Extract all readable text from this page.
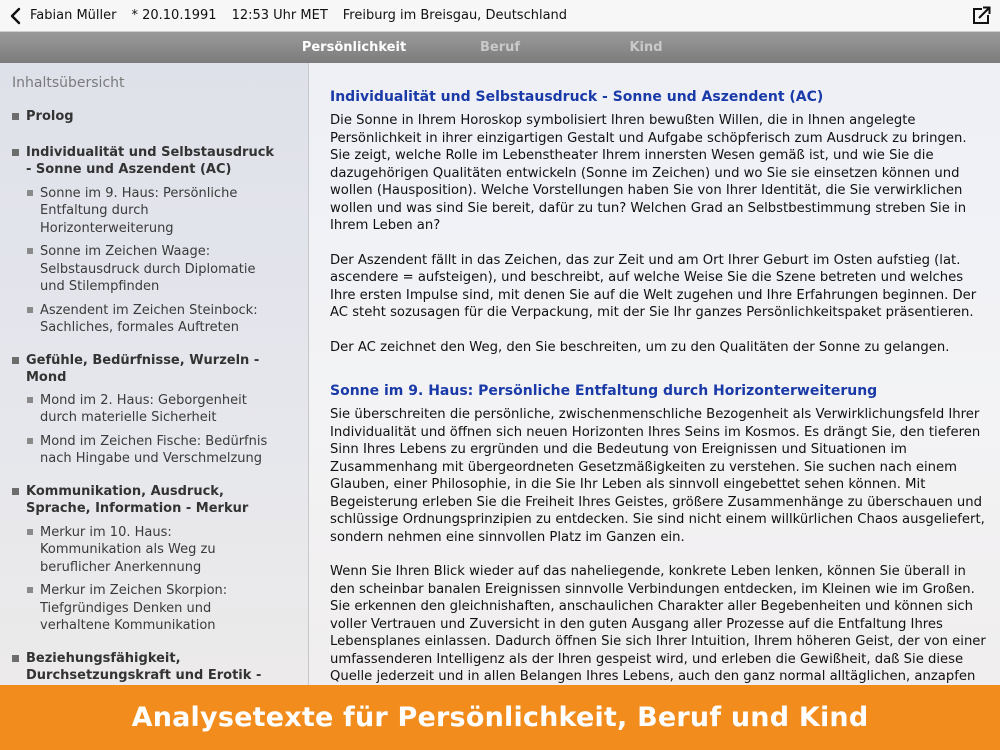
Fabian Müller * 20.10.1991 12:53 Uhr MET Freiburg im Breisgau, Deutschland
Persönlichkeit	Beruf	Kind
Inhaltsübersicht
Prolog
Individualität und Selbstausdruck - Sonne und Aszendent (AC)
Sonne im 9. Haus: Persönliche Entfaltung durch Horizonterweiterung
Sonne im Zeichen Waage: Selbstausdruck durch Diplomatie und Stilempfinden
Aszendent im Zeichen Steinbock: Sachliches, formales Auftreten
Gefühle, Bedürfnisse, Wurzeln - Mond
Mond im 2. Haus: Geborgenheit durch materielle Sicherheit
Mond im Zeichen Fische: Bedürfnis nach Hingabe und Verschmelzung
Kommunikation, Ausdruck, Sprache, Information - Merkur
Merkur im 10. Haus: Kommunikation als Weg zu beruflicher Anerkennung
Merkur im Zeichen Skorpion: Tiefgründiges Denken und verhaltene Kommunikation
Beziehungsfähigkeit, Durchsetzungskraft und Erotik -
Individualität und Selbstausdruck - Sonne und Aszendent (AC)

Die Sonne in Ihrem Horoskop symbolisiert Ihren bewußten Willen, die in Ihnen angelegte Persönlichkeit in ihrer einzigartigen Gestalt und Aufgabe schöpferisch zum Ausdruck zu bringen. Sie zeigt, welche Rolle im Lebenstheater Ihrem innersten Wesen gemäß ist, und wie Sie die dazugehörigen Qualitäten entwickeln (Sonne im Zeichen) und wo Sie sie einsetzen können und wollen (Hausposition). Welche Vorstellungen haben Sie von Ihrer Identität, die Sie verwirklichen wollen und was sind Sie bereit, dafür zu tun? Welchen Grad an Selbstbestimmung streben Sie in Ihrem Leben an?

Der Aszendent fällt in das Zeichen, das zur Zeit und am Ort Ihrer Geburt im Osten aufstieg (lat. ascendere = aufsteigen), und beschreibt, auf welche Weise Sie die Szene betreten und welches Ihre ersten Impulse sind, mit denen Sie auf die Welt zugehen und Ihre Erfahrungen beginnen. Der AC steht sozusagen für die Verpackung, mit der Sie Ihr ganzes Persönlichkeitspaket präsentieren.

Der AC zeichnet den Weg, den Sie beschreiten, um zu den Qualitäten der Sonne zu gelangen.

Sonne im 9. Haus: Persönliche Entfaltung durch Horizonterweiterung

Sie überschreiten die persönliche, zwischenmenschliche Bezogenheit als Verwirklichungsfeld Ihrer Individualität und öffnen sich neuen Horizonten Ihres Seins im Kosmos. Es drängt Sie, den tieferen Sinn Ihres Lebens zu ergründen und die Bedeutung von Ereignissen und Situationen im Zusammenhang mit übergeordneten Gesetzmäßigkeiten zu verstehen. Sie suchen nach einem Glauben, einer Philosophie, in die Sie Ihr Leben als sinnvoll eingebettet sehen können. Mit Begeisterung erleben Sie die Freiheit Ihres Geistes, größere Zusammenhänge zu überschauen und schlüssige Ordnungsprinzipien zu entdecken. Sie sind nicht einem willkürlichen Chaos ausgeliefert, sondern nehmen eine sinnvollen Platz im Ganzen ein.

Wenn Sie Ihren Blick wieder auf das naheliegende, konkrete Leben lenken, können Sie überall in den scheinbar banalen Ereignissen sinnvolle Verbindungen entdecken, im Kleinen wie im Großen. Sie erkennen den gleichnishaften, anschaulichen Charakter aller Begebenheiten und können sich voller Vertrauen und Zuversicht in den guten Ausgang aller Prozesse auf die Entfaltung Ihres Lebensplanes einlassen. Dadurch öffnen Sie sich Ihrer Intuition, Ihrem höheren Geist, der von einer umfassenderen Intelligenz als der Ihren gespeist wird, und erleben die Gewißheit, daß Sie diese Quelle jederzeit und in allen Belangen Ihres Lebens, auch den ganz normal alltäglichen, anzapfen

Analysetexte für Persönlichkeit, Beruf und Kind
